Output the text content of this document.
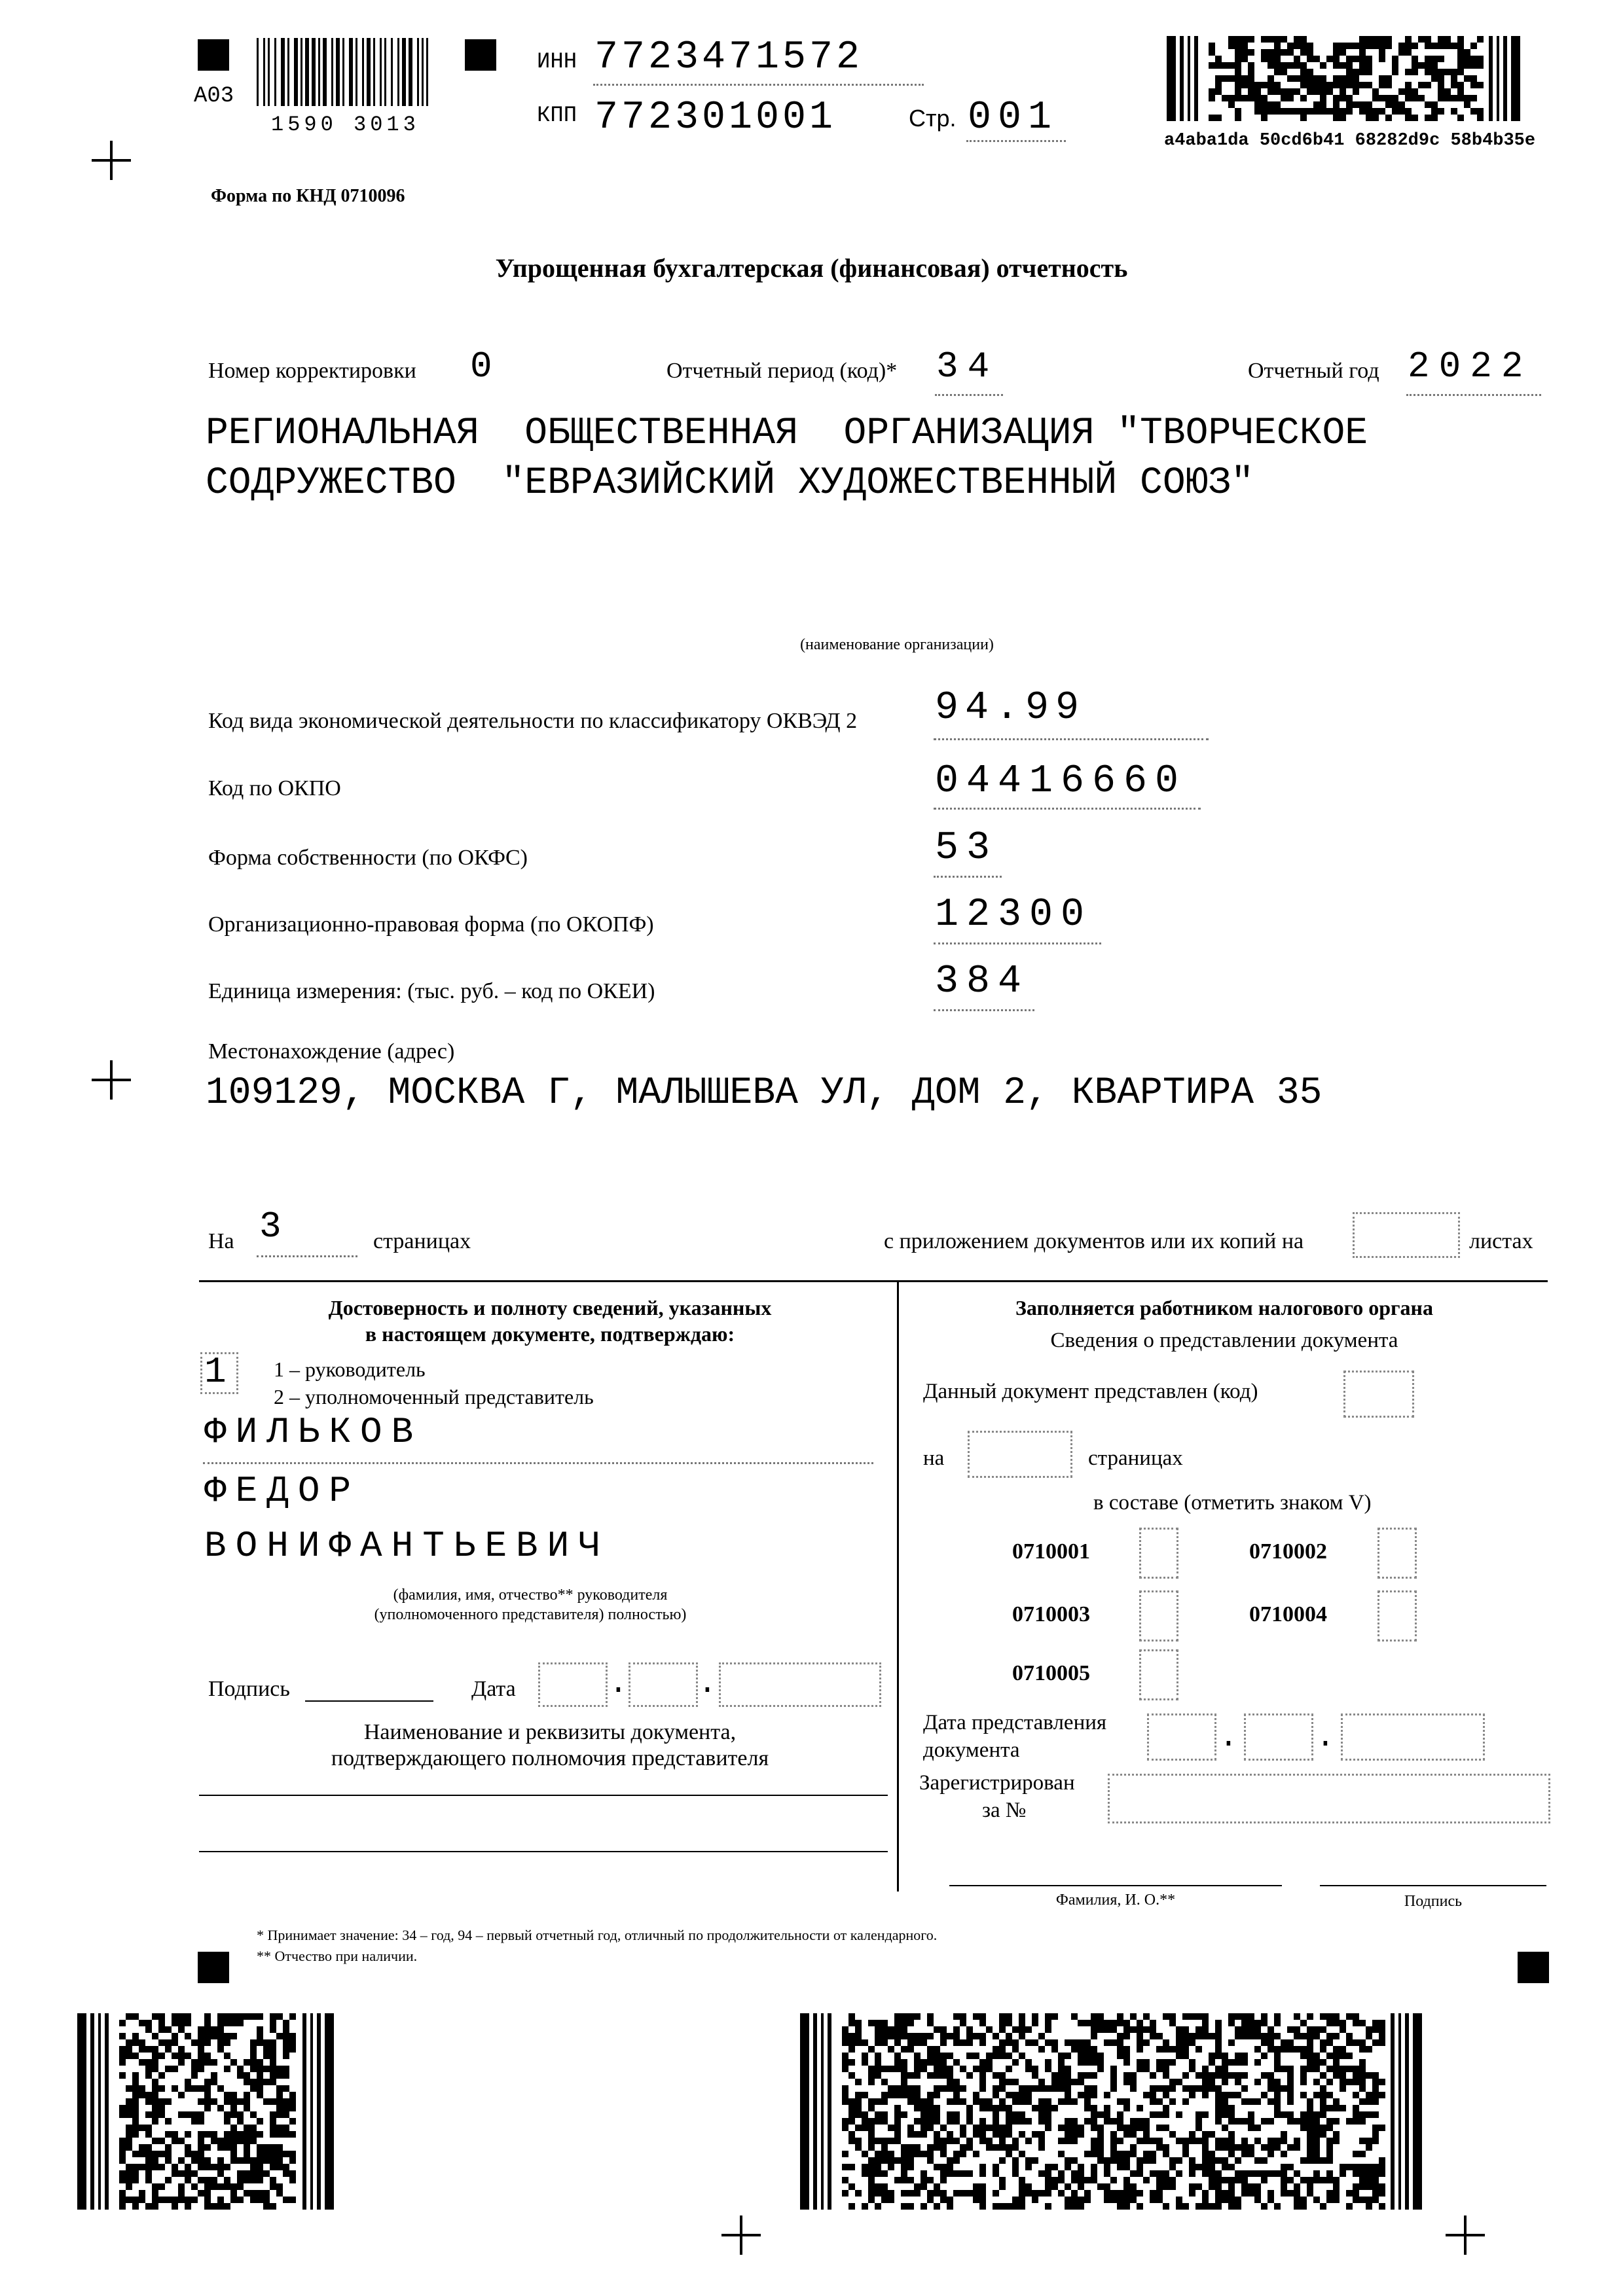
A03
1590 3013
ИНН 7723471572
КПП 772301001	Стр. 001
a4aba1da 50cd6b41 68282d9c 58b4b35e
Форма по КНД 0710096
Упрощенная бухгалтерская (финансовая) отчетность
Номер корректировки 0	Отчетный период (код)* 34	Отчетный год 2022
РЕГИОНАЛЬНАЯ  ОБЩЕСТВЕННАЯ  ОРГАНИЗАЦИЯ "ТВОРЧЕСКОЕ
СОДРУЖЕСТВО  "ЕВРАЗИЙСКИЙ ХУДОЖЕСТВЕННЫЙ СОЮЗ"
(наименование организации)
Код вида экономической деятельности по классификатору ОКВЭД 2 94.99
Код по ОКПО	04416660
Форма собственности (по ОКФС)	53
Организационно-правовая форма (по ОКОПФ)	12300
Единица измерения: (тыс. руб. – код по ОКЕИ)	384
Местонахождение (адрес)
109129, МОСКВА Г, МАЛЫШЕВА УЛ, ДОМ 2, КВАРТИРА 35
На 3	страницах	с приложением документов или их копий на	листах
Достоверность и полноту сведений, указанных
в настоящем документе, подтверждаю:
1 1 – руководитель
2 – уполномоченный представитель
ФИЛЬКОВ
ФЕДОР
ВОНИФАНТЬЕВИЧ
(фамилия, имя, отчество** руководителя
(уполномоченного представителя) полностью)
Подпись	Дата	. .
Наименование и реквизиты документа,
подтверждающего полномочия представителя
Заполняется работником налогового органа
Сведения о представлении документа
Данный документ представлен (код)
на	страницах
в составе (отметить знаком V)
0710001	0710002
0710003	0710004
0710005
Дата представления
документа	. .
Зарегистрирован
за №
Фамилия, И. О.**	Подпись
* Принимает значение: 34 – год, 94 – первый отчетный год, отличный по продолжительности от календарного.
** Отчество при наличии.
